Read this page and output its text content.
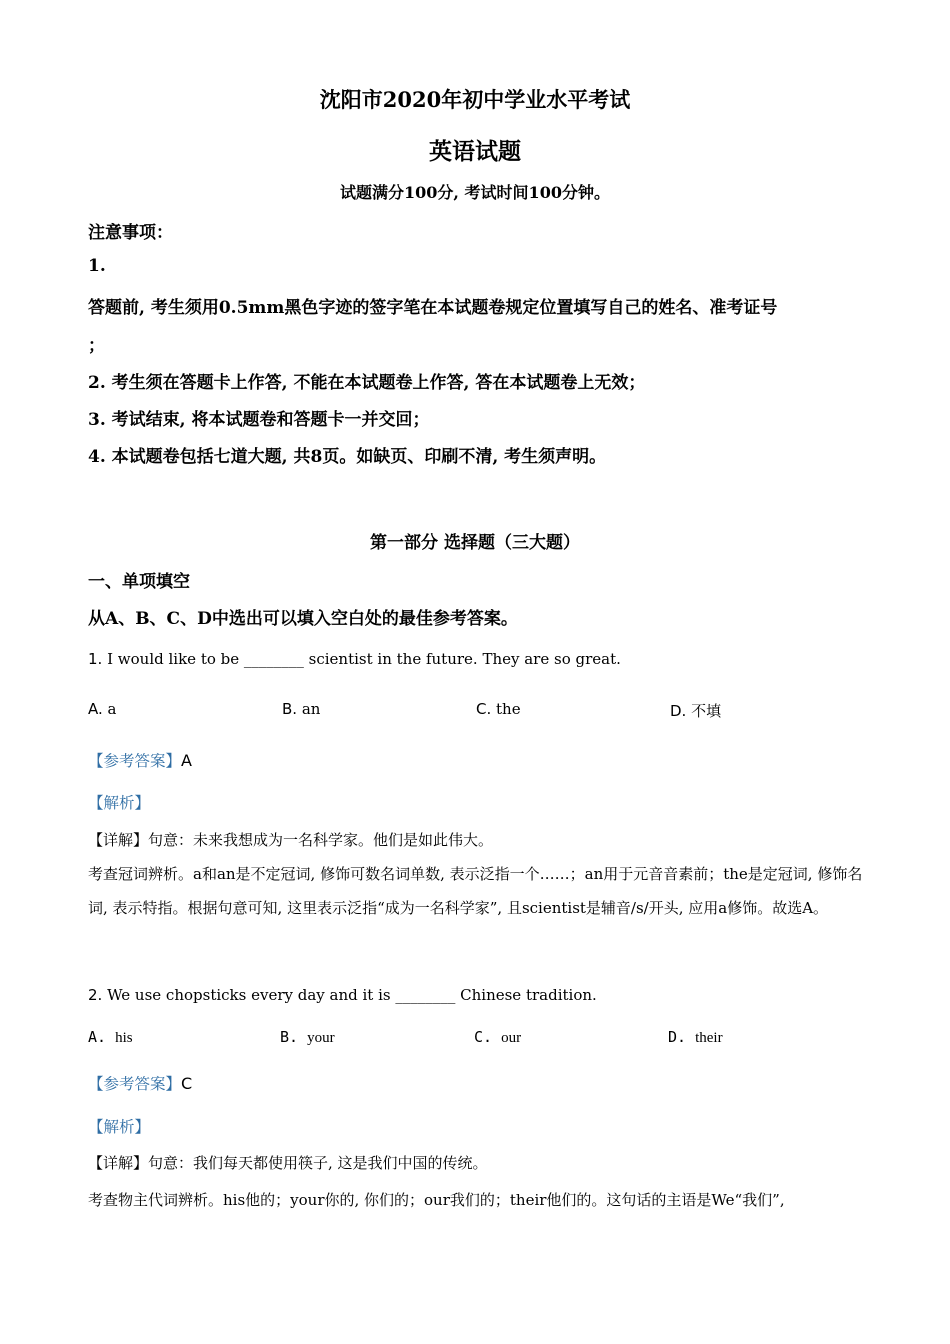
沈阳市2020年初中学业水平考试
英语试题
试题满分100分, 考试时间100分钟。
注意事项：
1.
答题前, 考生须用0.5mm黑色字迹的签字笔在本试题卷规定位置填写自己的姓名、准考证号
；
2. 考生须在答题卡上作答, 不能在本试题卷上作答, 答在本试题卷上无效；
3. 考试结束, 将本试题卷和答题卡一并交回；
4. 本试题卷包括七道大题, 共8页。如缺页、印刷不清, 考生须声明。
第一部分 选择题（三大题）
一、单项填空
从A、B、C、D中选出可以填入空白处的最佳参考答案。
1. I would like to be ________ scientist in the future. They are so great.
A. a	B. an	C. the	D. 不填
【参考答案】A
【解析】
【详解】句意：未来我想成为一名科学家。他们是如此伟大。
考查冠词辨析。a和an是不定冠词, 修饰可数名词单数, 表示泛指一个……；an用于元音音素前；the是定冠词, 修饰名词, 表示特指。根据句意可知, 这里表示泛指“成为一名科学家”, 且scientist是辅音/s/开头, 应用a修饰。故选A。
2. We use chopsticks every day and it is ________ Chinese tradition.
A. his	B. your	C. our	D. their
【参考答案】C
【解析】
【详解】句意：我们每天都使用筷子, 这是我们中国的传统。
考查物主代词辨析。his他的；your你的, 你们的；our我们的；their他们的。这句话的主语是We“我们”,
